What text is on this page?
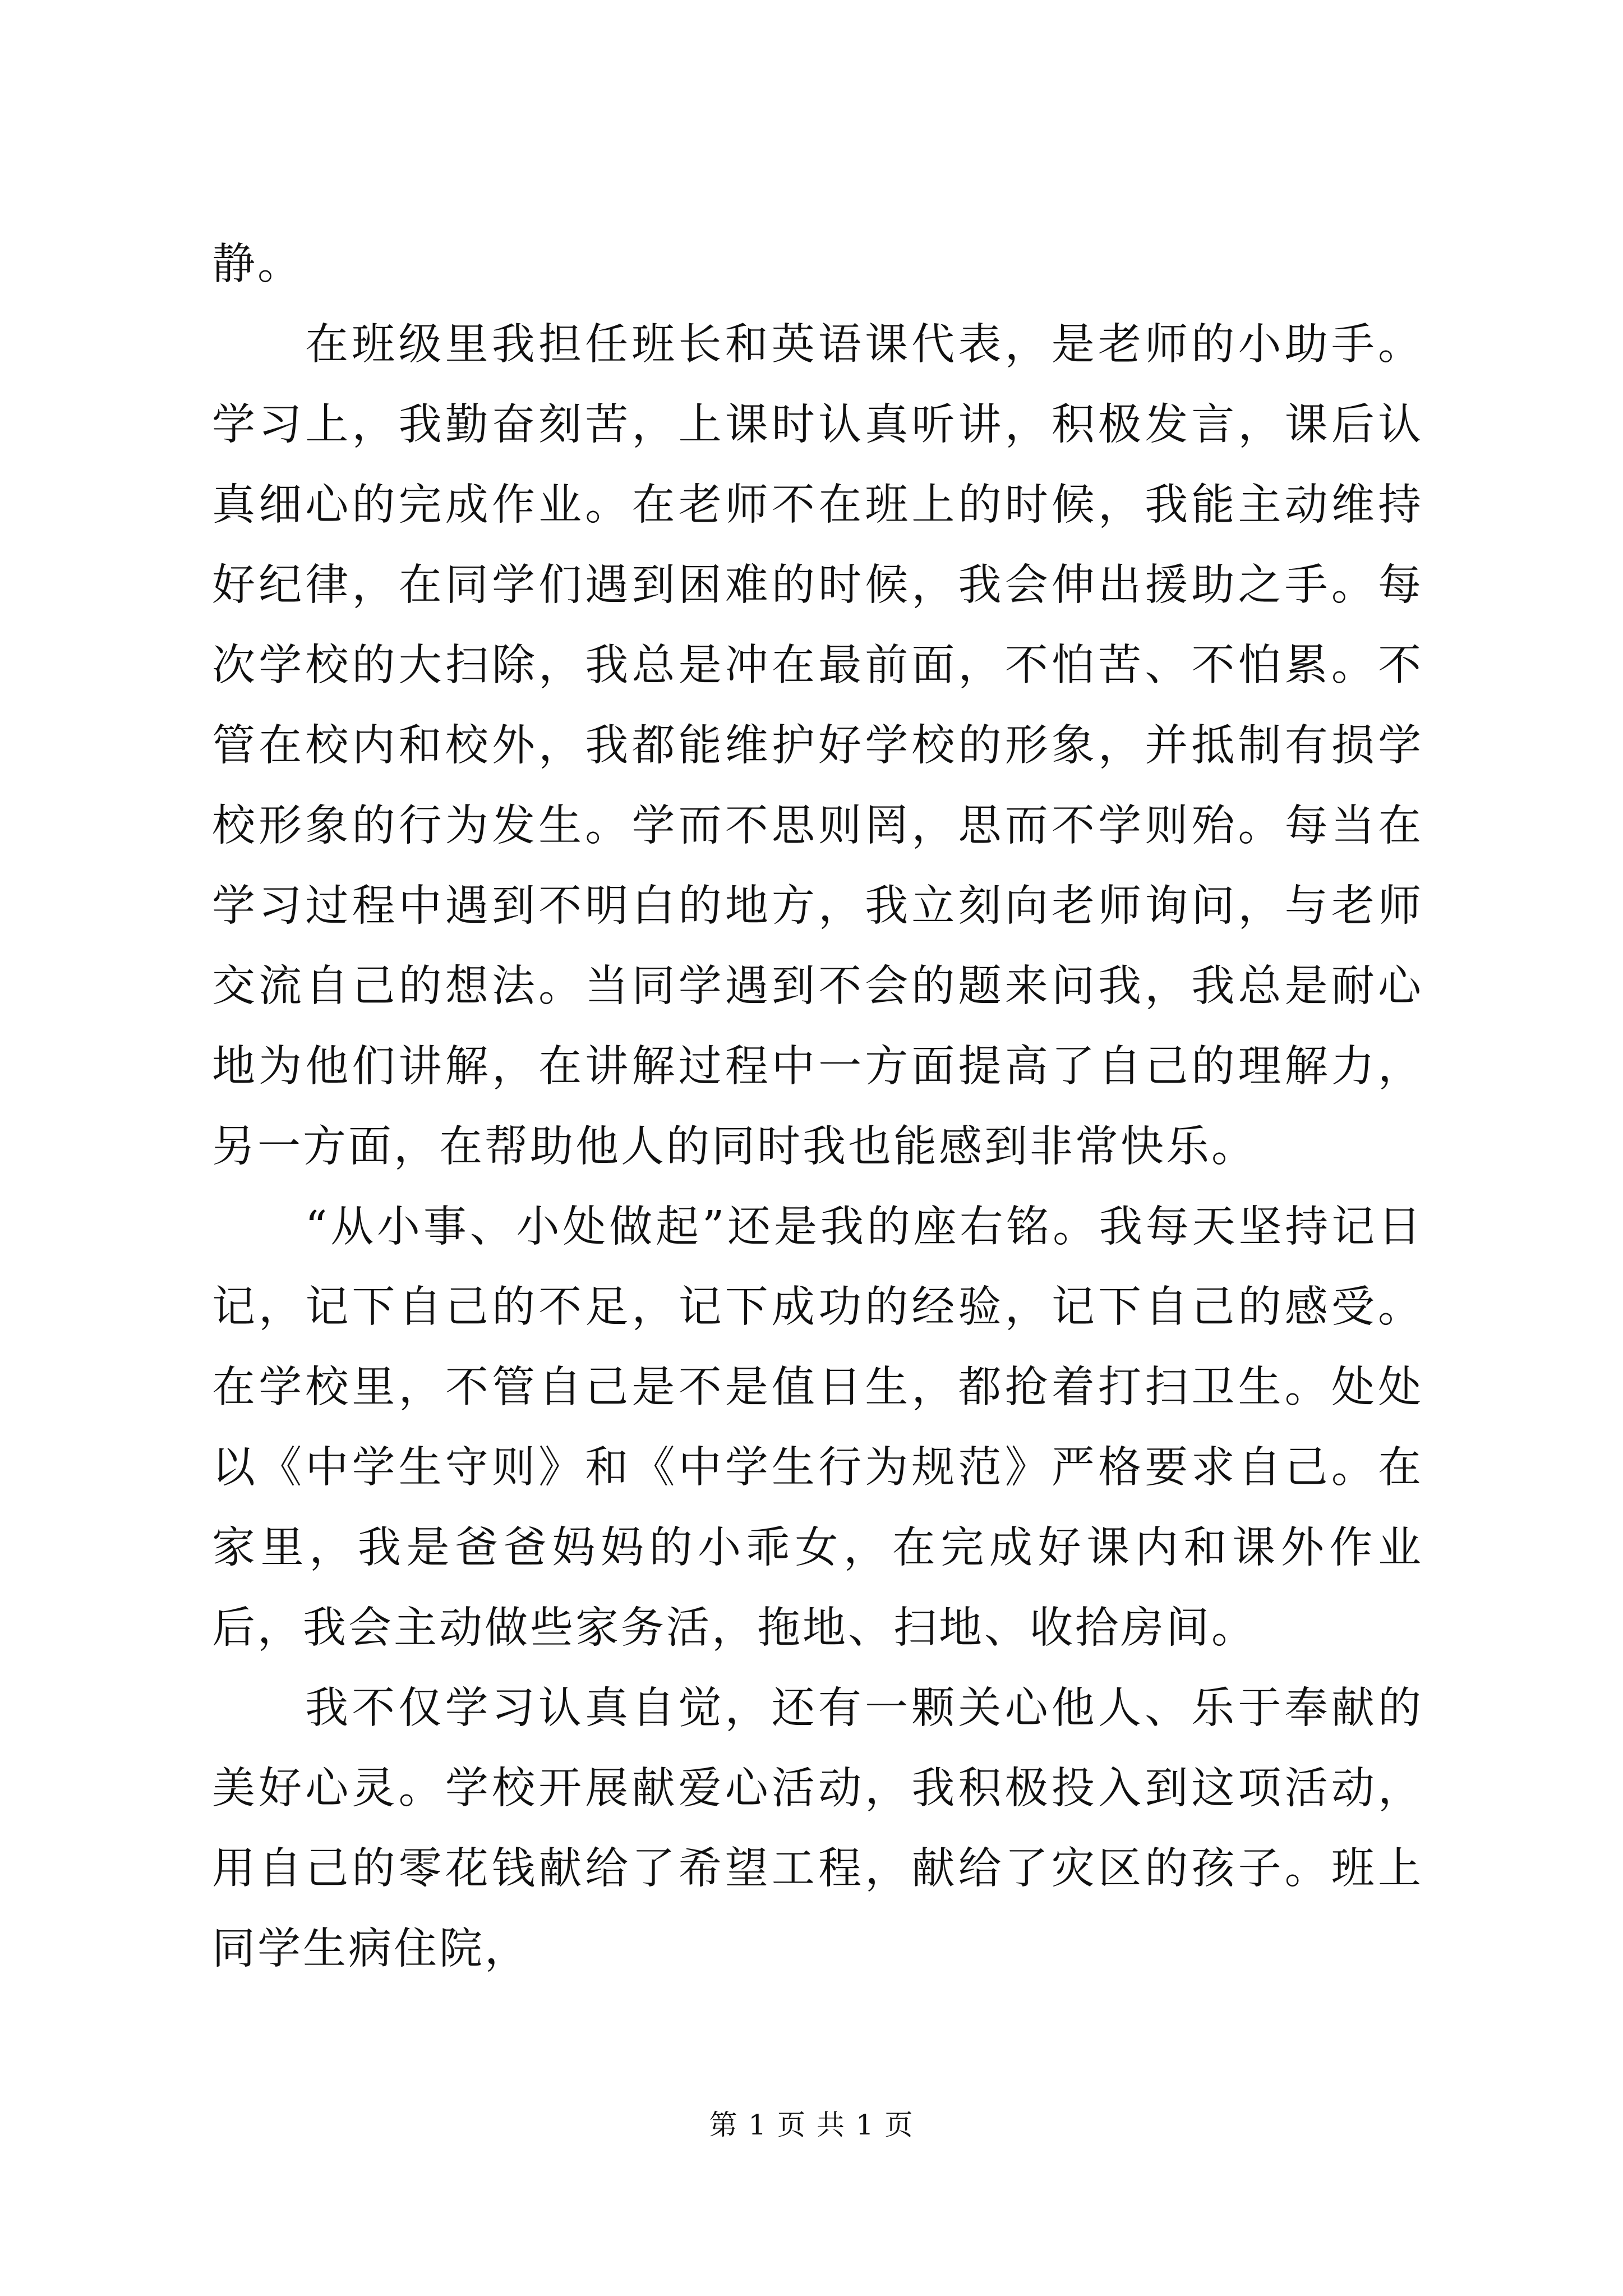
静。

在班级里我担任班长和英语课代表，是老师的小助手。学习上，我勤奋刻苦，上课时认真听讲，积极发言，课后认真细心的完成作业。在老师不在班上的时候，我能主动维持好纪律，在同学们遇到困难的时候，我会伸出援助之手。每次学校的大扫除，我总是冲在最前面，不怕苦、不怕累。不管在校内和校外，我都能维护好学校的形象，并抵制有损学校形象的行为发生。学而不思则罔，思而不学则殆。每当在学习过程中遇到不明白的地方，我立刻向老师询问，与老师交流自己的想法。当同学遇到不会的题来问我，我总是耐心地为他们讲解，在讲解过程中一方面提高了自己的理解力，另一方面，在帮助他人的同时我也能感到非常快乐。

“从小事、小处做起”还是我的座右铭。我每天坚持记日记，记下自己的不足，记下成功的经验，记下自己的感受。在学校里，不管自己是不是值日生，都抢着打扫卫生。处处以《中学生守则》和《中学生行为规范》严格要求自己。在家里，我是爸爸妈妈的小乖女，在完成好课内和课外作业后，我会主动做些家务活，拖地、扫地、收拾房间。

我不仅学习认真自觉，还有一颗关心他人、乐于奉献的美好心灵。学校开展献爱心活动，我积极投入到这项活动，用自己的零花钱献给了希望工程，献给了灾区的孩子。班上同学生病住院，

第 1 页 共 1 页
